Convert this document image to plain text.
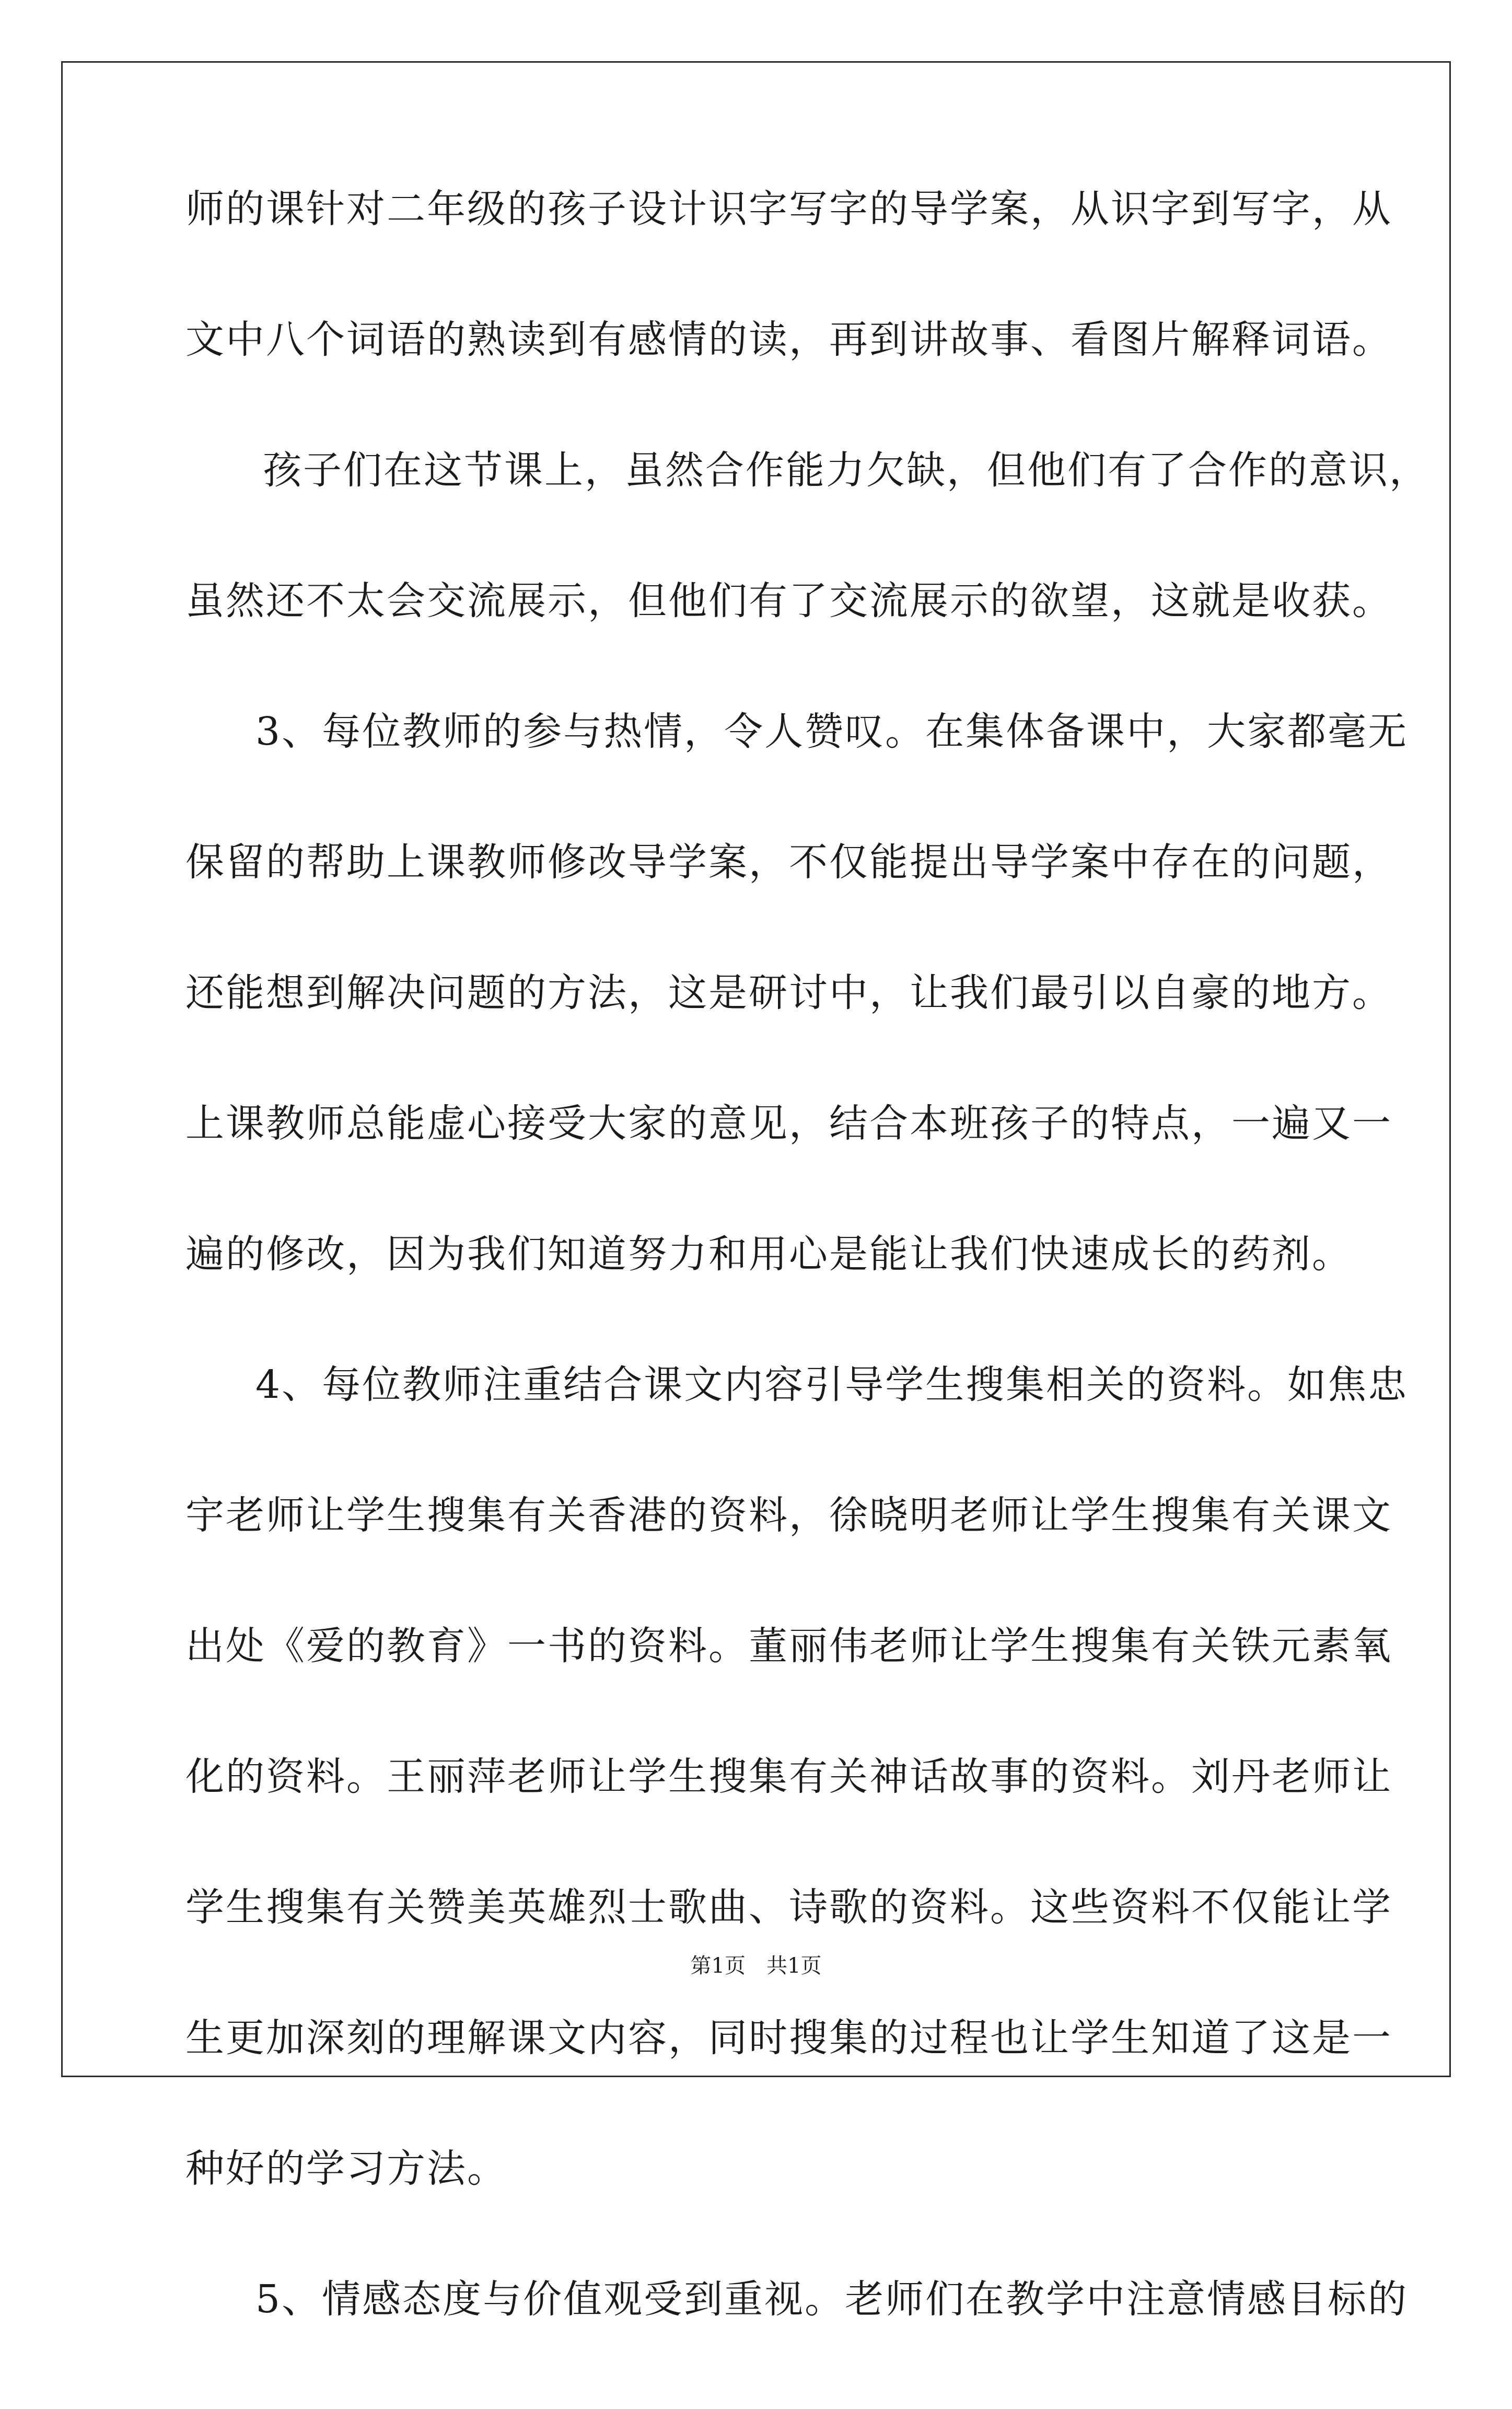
师的课针对二年级的孩子设计识字写字的导学案，从识字到写字，从
文中八个词语的熟读到有感情的读，再到讲故事、看图片解释词语。
孩子们在这节课上，虽然合作能力欠缺，但他们有了合作的意识，
虽然还不太会交流展示，但他们有了交流展示的欲望，这就是收获。
3、每位教师的参与热情，令人赞叹。在集体备课中，大家都毫无
保留的帮助上课教师修改导学案，不仅能提出导学案中存在的问题，
还能想到解决问题的方法，这是研讨中，让我们最引以自豪的地方。
上课教师总能虚心接受大家的意见，结合本班孩子的特点，一遍又一
遍的修改，因为我们知道努力和用心是能让我们快速成长的药剂。
4、每位教师注重结合课文内容引导学生搜集相关的资料。如焦忠
宇老师让学生搜集有关香港的资料，徐晓明老师让学生搜集有关课文
出处《爱的教育》一书的资料。董丽伟老师让学生搜集有关铁元素氧
化的资料。王丽萍老师让学生搜集有关神话故事的资料。刘丹老师让
学生搜集有关赞美英雄烈士歌曲、诗歌的资料。这些资料不仅能让学
生更加深刻的理解课文内容，同时搜集的过程也让学生知道了这是一
种好的学习方法。
5、情感态度与价值观受到重视。老师们在教学中注意情感目标的
第1页　共1页
